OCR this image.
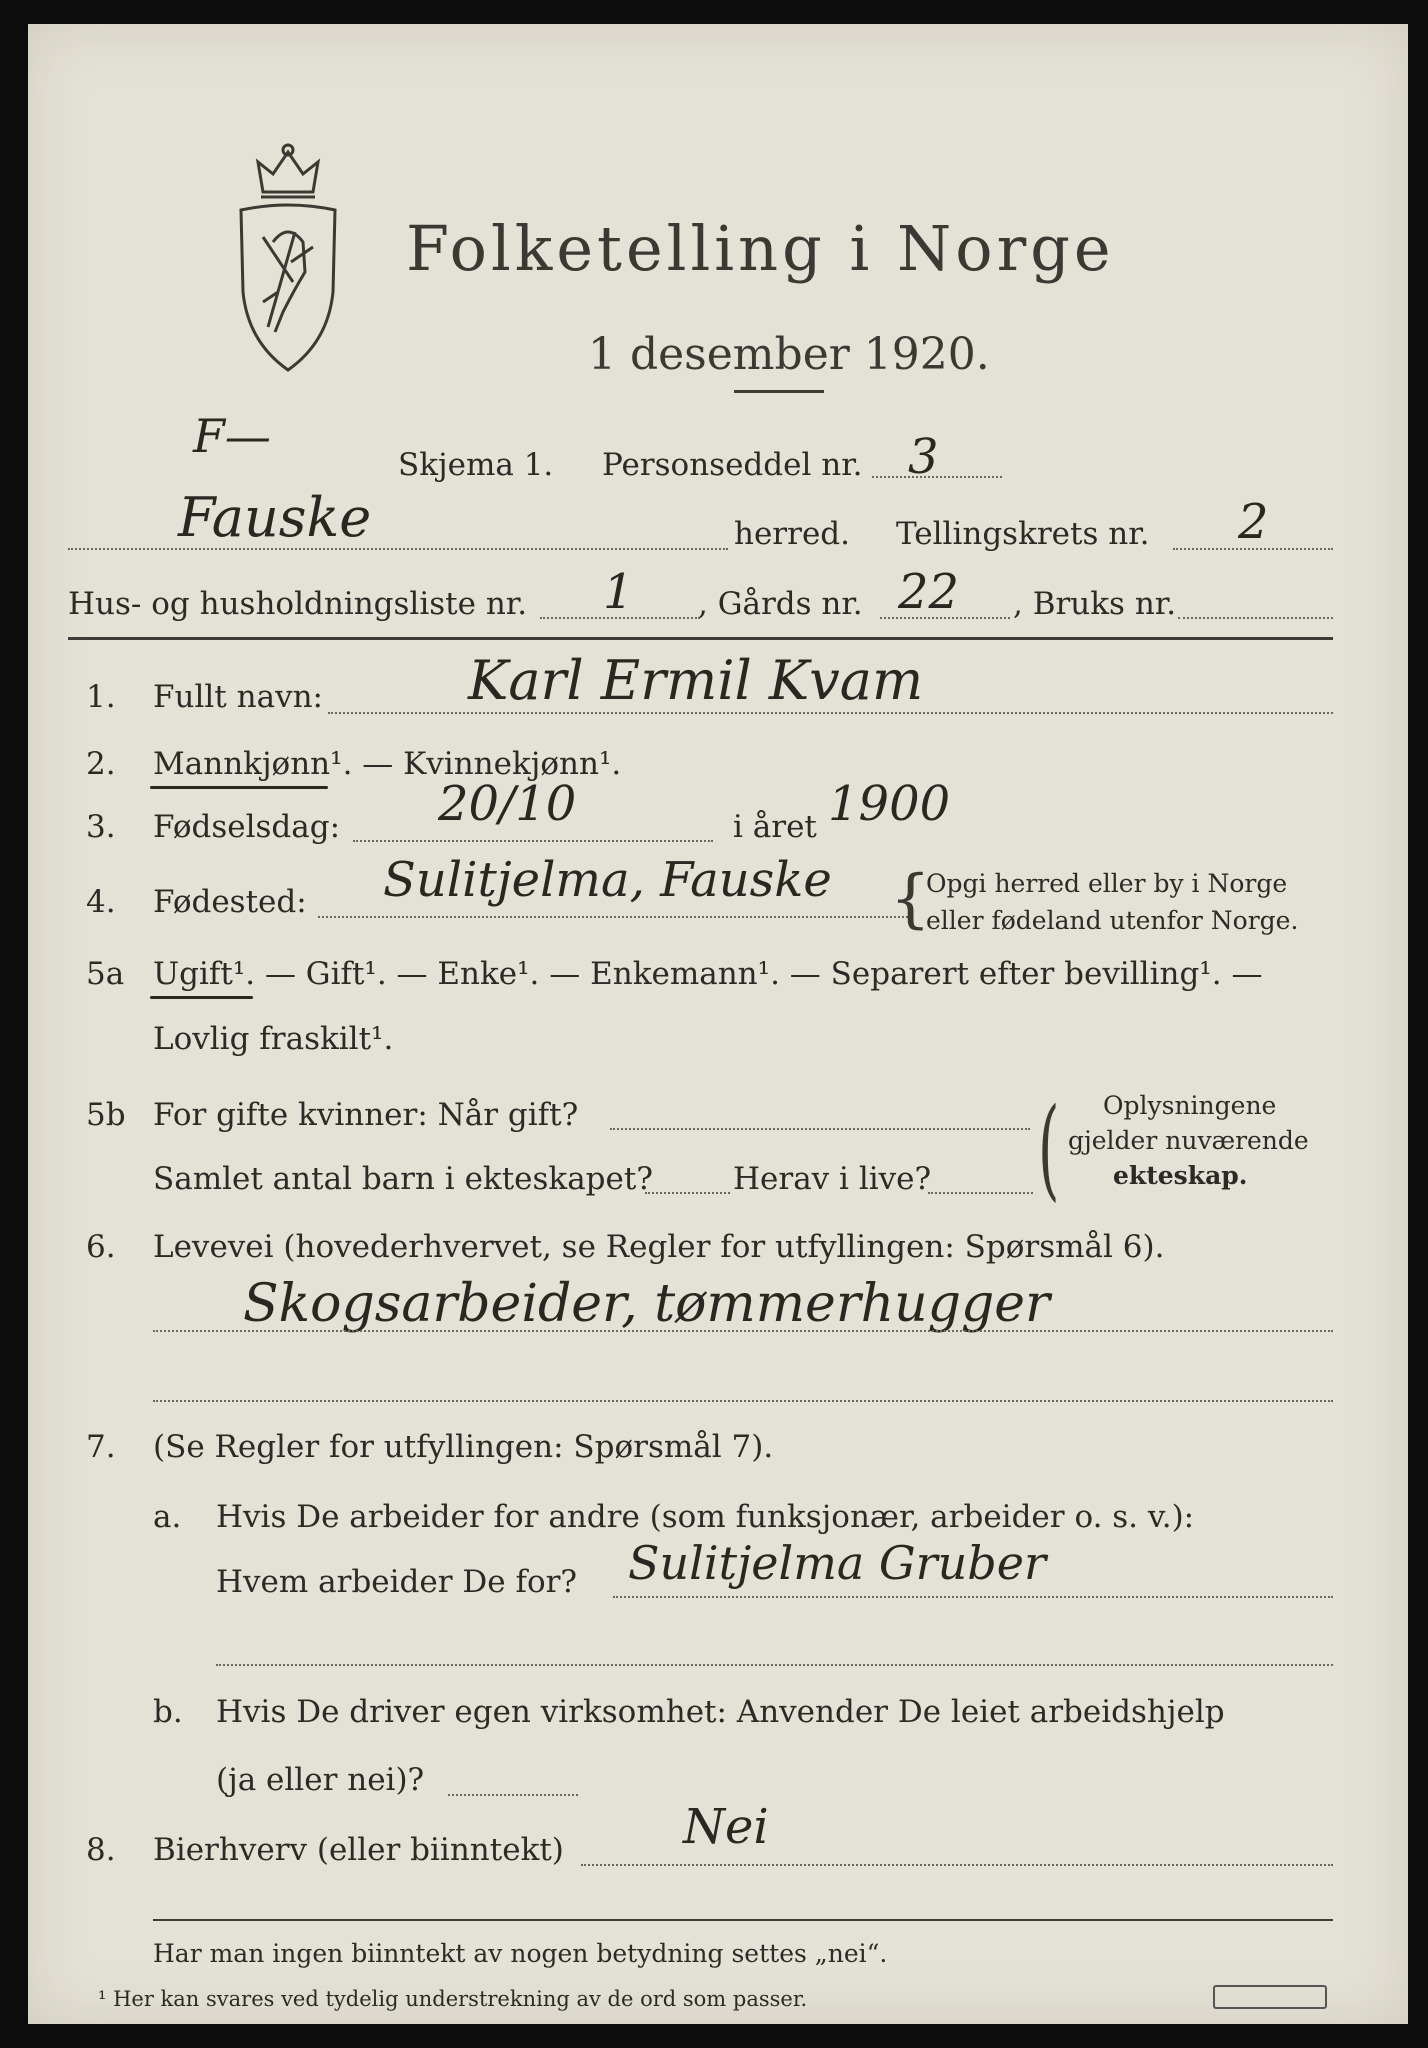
Folketelling i Norge
1 desember 1920.
F—
Skjema 1. Personseddel nr. 3
Fauske	herred. Tellingskrets nr. 2
Hus- og husholdningsliste nr. 1 , Gårds nr. 22 , Bruks nr.
1. Fullt navn:	Karl Ermil Kvam
2. Mannkjønn¹. — Kvinnekjønn¹.
3. Fødselsdag: 20/10	i året 1900
4. Fødested: Sulitjelma, Fauske {
Opgi herred eller by i Norge
eller fødeland utenfor Norge.
5a Ugift¹. — Gift¹. — Enke¹. — Enkemann¹. — Separert efter bevilling¹. —
Lovlig fraskilt¹.
5b For gifte kvinner: Når gift?
Samlet antal barn i ekteskapet?	Herav i live? ( Oplysningene
gjelder nuværende
ekteskap.
6. Levevei (hovederhvervet, se Regler for utfyllingen: Spørsmål 6).
Skogsarbeider, tømmerhugger
7. (Se Regler for utfyllingen: Spørsmål 7).
a. Hvis De arbeider for andre (som funksjonær, arbeider o. s. v.):
Hvem arbeider De for? Sulitjelma Gruber
b. Hvis De driver egen virksomhet: Anvender De leiet arbeidshjelp
(ja eller nei)?
8. Bierhverv (eller biinntekt) Nei
Har man ingen biinntekt av nogen betydning settes „nei“.
¹ Her kan svares ved tydelig understrekning av de ord som passer.
